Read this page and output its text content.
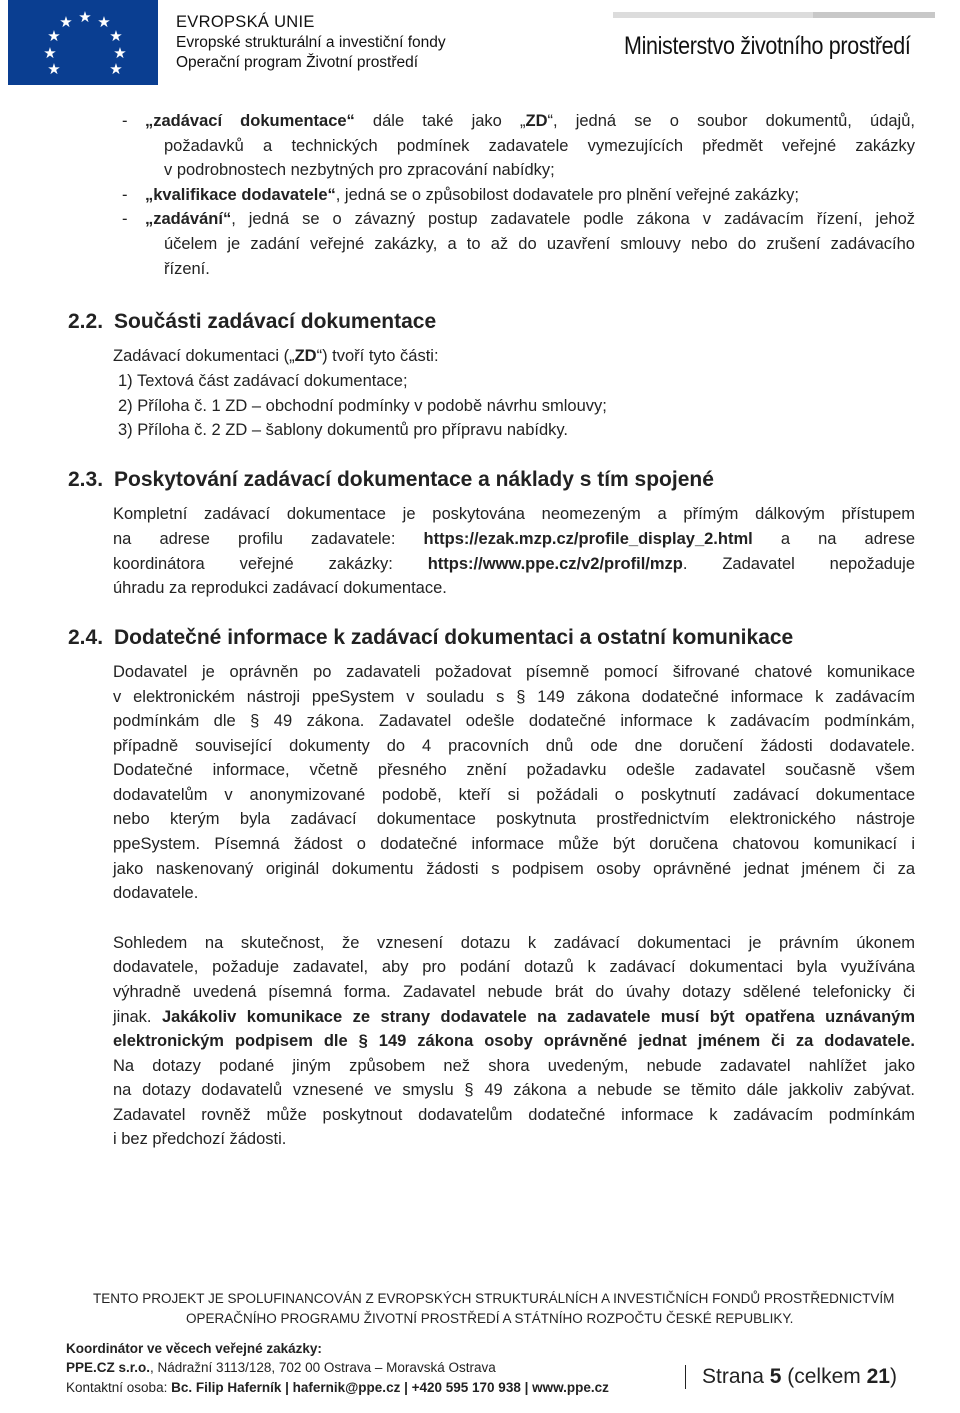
★ ★
★
★
★
★
★
★
★
EVROPSKÁ UNIE
Evropské strukturální a investiční fondy
Operační program Životní prostředí
Ministerstvo životního prostředí
- „zadávací dokumentace“ dále také jako „ZD“, jedná se o soubor dokumentů, údajů,
požadavků a technických podmínek zadavatele vymezujících předmět veřejné zakázky
v podrobnostech nezbytných pro zpracování nabídky;
- „kvalifikace dodavatele“, jedná se o způsobilost dodavatele pro plnění veřejné zakázky;
- „zadávání“, jedná se o závazný postup zadavatele podle zákona v zadávacím řízení, jehož
účelem je zadání veřejné zakázky, a to až do uzavření smlouvy nebo do zrušení zadávacího
řízení.
2.2. Součásti zadávací dokumentace
Zadávací dokumentaci („ZD“) tvoří tyto části:
1) Textová část zadávací dokumentace;
2) Příloha č. 1 ZD – obchodní podmínky v podobě návrhu smlouvy;
3) Příloha č. 2 ZD – šablony dokumentů pro přípravu nabídky.
2.3. Poskytování zadávací dokumentace a náklady s tím spojené
Kompletní zadávací dokumentace je poskytována neomezeným a přímým dálkovým přístupem
na adrese profilu zadavatele: https://ezak.mzp.cz/profile_display_2.html a na adrese
koordinátora veřejné zakázky: https://www.ppe.cz/v2/profil/mzp. Zadavatel nepožaduje
úhradu za reprodukci zadávací dokumentace.
2.4. Dodatečné informace k zadávací dokumentaci a ostatní komunikace
Dodavatel je oprávněn po zadavateli požadovat písemně pomocí šifrované chatové komunikace
v elektronickém nástroji ppeSystem v souladu s § 149 zákona dodatečné informace k zadávacím
podmínkám dle § 49 zákona. Zadavatel odešle dodatečné informace k zadávacím podmínkám,
případně související dokumenty do 4 pracovních dnů ode dne doručení žádosti dodavatele.
Dodatečné informace, včetně přesného znění požadavku odešle zadavatel současně všem
dodavatelům v anonymizované podobě, kteří si požádali o poskytnutí zadávací dokumentace
nebo kterým byla zadávací dokumentace poskytnuta prostřednictvím elektronického nástroje
ppeSystem. Písemná žádost o dodatečné informace může být doručena chatovou komunikací i
jako naskenovaný originál dokumentu žádosti s podpisem osoby oprávněné jednat jménem či za
dodavatele.
Sohledem na skutečnost, že vznesení dotazu k zadávací dokumentaci je právním úkonem
dodavatele, požaduje zadavatel, aby pro podání dotazů k zadávací dokumentaci byla využívána
výhradně uvedená písemná forma. Zadavatel nebude brát do úvahy dotazy sdělené telefonicky či
jinak. Jakákoliv komunikace ze strany dodavatele na zadavatele musí být opatřena uznávaným
elektronickým podpisem dle § 149 zákona osoby oprávněné jednat jménem či za dodavatele.
Na dotazy podané jiným způsobem než shora uvedeným, nebude zadavatel nahlížet jako
na dotazy dodavatelů vznesené ve smyslu § 49 zákona a nebude se těmito dále jakkoliv zabývat.
Zadavatel rovněž může poskytnout dodavatelům dodatečné informace k zadávacím podmínkám
i bez předchozí žádosti.
TENTO PROJEKT JE SPOLUFINANCOVÁN Z EVROPSKÝCH STRUKTURÁLNÍCH A INVESTIČNÍCH FONDŮ PROSTŘEDNICTVÍM
OPERAČNÍHO PROGRAMU ŽIVOTNÍ PROSTŘEDÍ A STÁTNÍHO ROZPOČTU ČESKÉ REPUBLIKY.
Koordinátor ve věcech veřejné zakázky:
PPE.CZ s.r.o., Nádražní 3113/128, 702 00 Ostrava – Moravská Ostrava
Kontaktní osoba: Bc. Filip Haferník | hafernik@ppe.cz | +420 595 170 938 | www.ppe.cz	Strana 5 (celkem 21)
